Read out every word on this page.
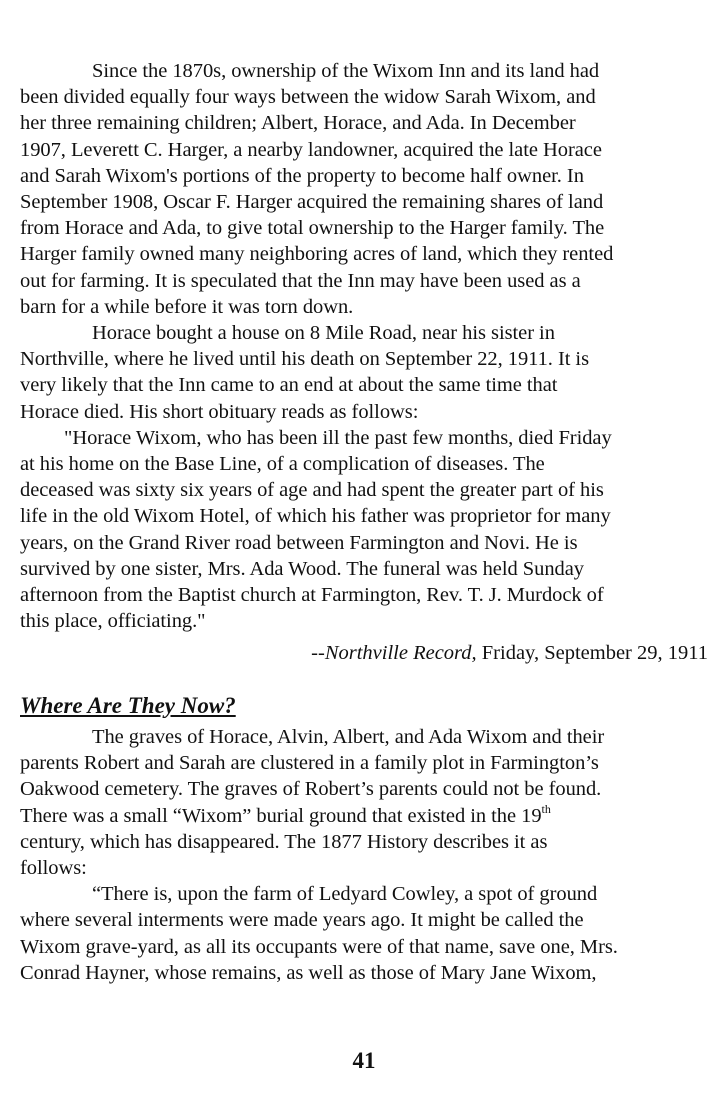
Since the 1870s, ownership of the Wixom Inn and its land had
been divided equally four ways between the widow Sarah Wixom, and
her three remaining children; Albert, Horace, and Ada. In December
1907, Leverett C. Harger, a nearby landowner, acquired the late Horace
and Sarah Wixom's portions of the property to become half owner. In
September 1908, Oscar F. Harger acquired the remaining shares of land
from Horace and Ada, to give total ownership to the Harger family. The
Harger family owned many neighboring acres of land, which they rented
out for farming. It is speculated that the Inn may have been used as a
barn for a while before it was torn down.
Horace bought a house on 8 Mile Road, near his sister in
Northville, where he lived until his death on September 22, 1911. It is
very likely that the Inn came to an end at about the same time that
Horace died. His short obituary reads as follows:
"Horace Wixom, who has been ill the past few months, died Friday
at his home on the Base Line, of a complication of diseases. The
deceased was sixty six years of age and had spent the greater part of his
life in the old Wixom Hotel, of which his father was proprietor for many
years, on the Grand River road between Farmington and Novi. He is
survived by one sister, Mrs. Ada Wood. The funeral was held Sunday
afternoon from the Baptist church at Farmington, Rev. T. J. Murdock of
this place, officiating."

--Northville Record, Friday, September 29, 1911
Where Are They Now?

The graves of Horace, Alvin, Albert, and Ada Wixom and their
parents Robert and Sarah are clustered in a family plot in Farmington’s
Oakwood cemetery. The graves of Robert’s parents could not be found.
There was a small “Wixom” burial ground that existed in the 19th
century, which has disappeared. The 1877 History describes it as
follows:
“There is, upon the farm of Ledyard Cowley, a spot of ground
where several interments were made years ago. It might be called the
Wixom grave-yard, as all its occupants were of that name, save one, Mrs.
Conrad Hayner, whose remains, as well as those of Mary Jane Wixom,

41
